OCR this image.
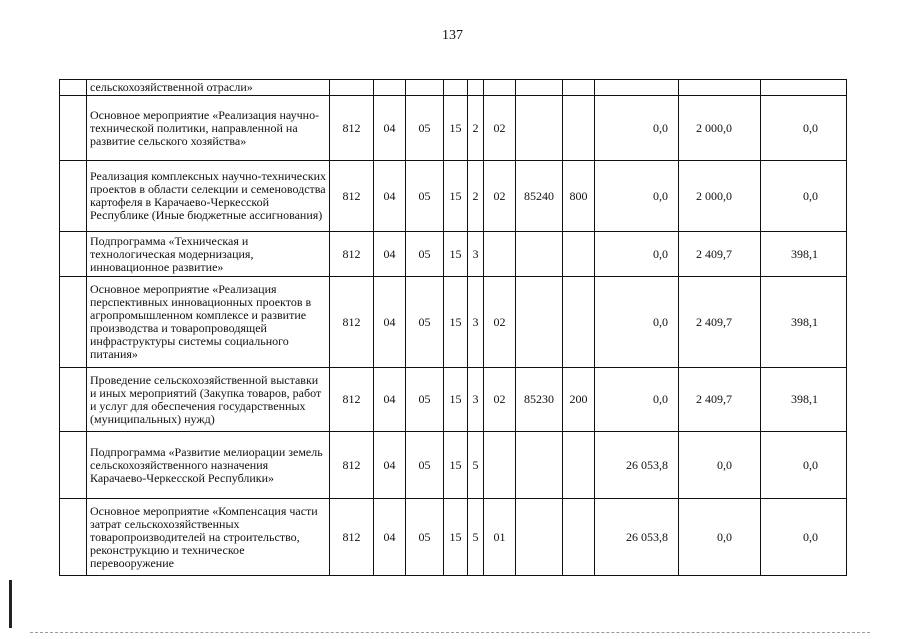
137
	сельскохозяйственной отрасли»											
	Основное мероприятие «Реализация научно-технической политики, направленной на развитие сельского хозяйства»	812	04	05	15	2	02			0,0	2 000,0	0,0
	Реализация комплексных научно-технических проектов в области селекции и семеноводства картофеля в Карачаево-Черкесской Республике (Иные бюджетные ассигнования)	812	04	05	15	2	02	85240	800	0,0	2 000,0	0,0
	Подпрограмма «Техническая и технологическая модернизация, инновационное развитие»	812	04	05	15	3				0,0	2 409,7	398,1
	Основное мероприятие «Реализация перспективных инновационных проектов в агропромышленном комплексе и развитие производства и товаропроводящей инфраструктуры системы социального питания»	812	04	05	15	3	02			0,0	2 409,7	398,1
	Проведение сельскохозяйственной выставки и иных мероприятий (Закупка товаров, работ и услуг для обеспечения государственных (муниципальных) нужд)	812	04	05	15	3	02	85230	200	0,0	2 409,7	398,1
	Подпрограмма «Развитие мелиорации земель сельскохозяйственного назначения Карачаево-Черкесской Республики»	812	04	05	15	5				26 053,8	0,0	0,0
	Основное мероприятие «Компенсация части затрат сельскохозяйственных товаропроизводителей на строительство, реконструкцию и техническое перевооружение	812	04	05	15	5	01			26 053,8	0,0	0,0
